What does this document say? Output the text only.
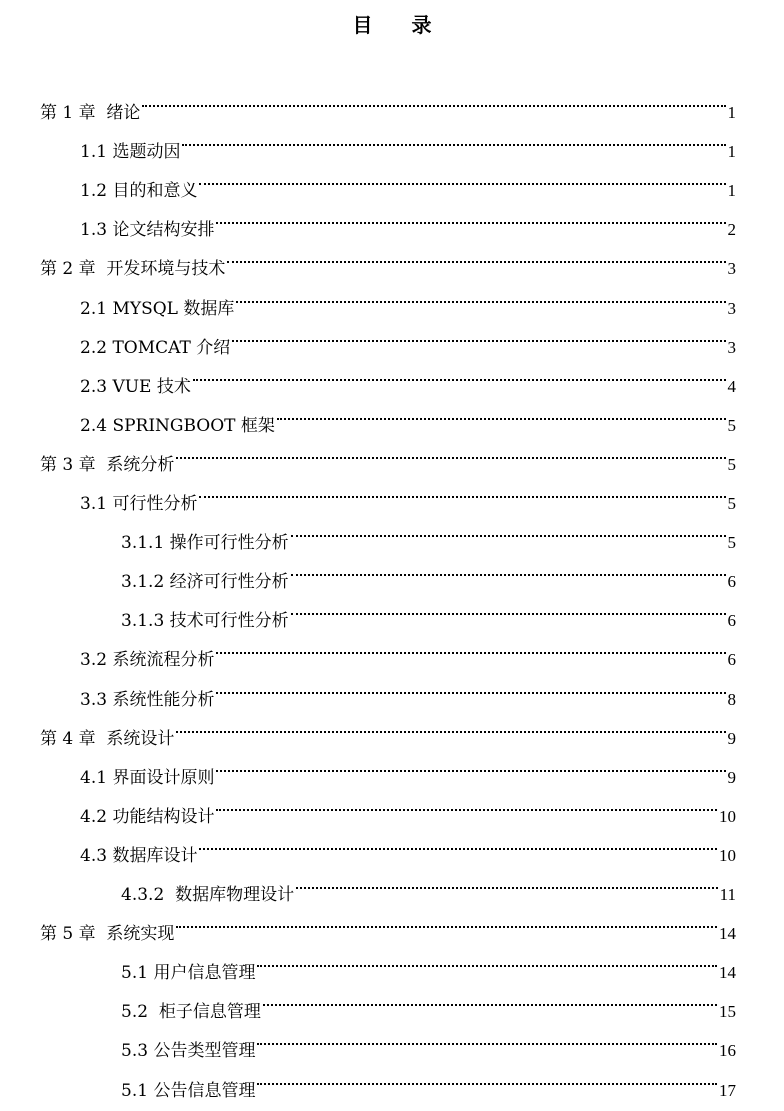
目 录
第 1 章  绪论	1
1.1 选题动因	1
1.2 目的和意义	1
1.3 论文结构安排	2
第 2 章  开发环境与技术	3
2.1 MYSQL 数据库	3
2.2 TOMCAT 介绍	3
2.3 VUE 技术	4
2.4 SPRINGBOOT 框架	5
第 3 章  系统分析	5
3.1 可行性分析	5
3.1.1 操作可行性分析	5
3.1.2 经济可行性分析	6
3.1.3 技术可行性分析	6
3.2 系统流程分析	6
3.3 系统性能分析	8
第 4 章  系统设计	9
4.1 界面设计原则	9
4.2 功能结构设计	10
4.3 数据库设计	10
4.3.2  数据库物理设计	11
第 5 章  系统实现	14
5.1 用户信息管理	14
5.2  柜子信息管理	15
5.3 公告类型管理	16
5.1 公告信息管理	17
